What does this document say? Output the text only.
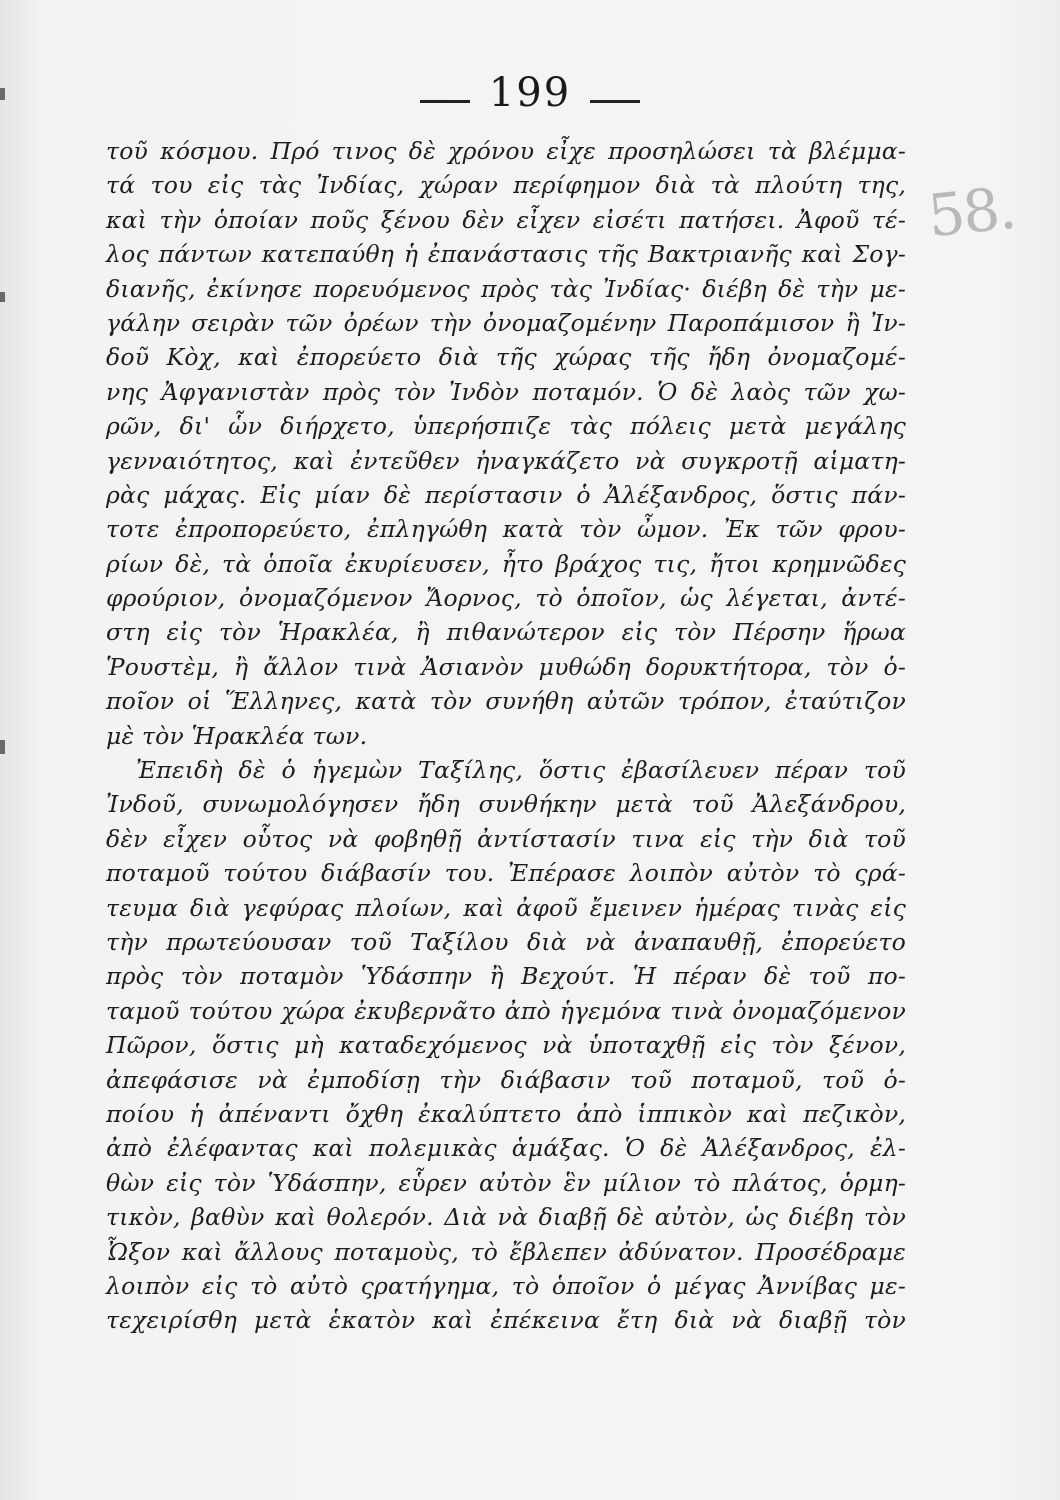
199
58.
τοῦ κόσμου. Πρό τινος δὲ χρόνου εἶχε προσηλώσει τὰ βλέμμα-
τά του εἰς τὰς Ἰνδίας, χώραν περίφημον διὰ τὰ πλούτη της,
καὶ τὴν ὁποίαν ποῦς ξένου δὲν εἶχεν εἰσέτι πατήσει. Ἀφοῦ τέ-
λος πάντων κατεπαύθη ἡ ἐπανάστασις τῆς Βακτριανῆς καὶ Σογ-
διανῆς, ἐκίνησε πορευόμενος πρὸς τὰς Ἰνδίας· διέβη δὲ τὴν με-
γάλην σειρὰν τῶν ὀρέων τὴν ὀνομαζομένην Παροπάμισον ἢ Ἰν-
δοῦ Κὸχ, καὶ ἐπορεύετο διὰ τῆς χώρας τῆς ἤδη ὀνομαζομέ-
νης Ἀφγανιστὰν πρὸς τὸν Ἰνδὸν ποταμόν. Ὁ δὲ λαὸς τῶν χω-
ρῶν, δι' ὧν διήρχετο, ὑπερήσπιζε τὰς πόλεις μετὰ μεγάλης
γενναιότητος, καὶ ἐντεῦθεν ἠναγκάζετο νὰ συγκροτῇ αἱματη-
ρὰς μάχας. Εἰς μίαν δὲ περίστασιν ὁ Ἀλέξανδρος, ὅστις πάν-
τοτε ἐπροπορεύετο, ἐπληγώθη κατὰ τὸν ὦμον. Ἐκ τῶν φρου-
ρίων δὲ, τὰ ὁποῖα ἐκυρίευσεν, ἦτο βράχος τις, ἤτοι κρημνῶδες
φρούριον, ὀνομαζόμενον Ἄορνος, τὸ ὁποῖον, ὡς λέγεται, ἀντέ-
στη εἰς τὸν Ἡρακλέα, ἢ πιθανώτερον εἰς τὸν Πέρσην ἥρωα
Ῥουστὲμ, ἢ ἄλλον τινὰ Ἀσιανὸν μυθώδη δορυκτήτορα, τὸν ὁ-
ποῖον οἱ Ἕλληνες, κατὰ τὸν συνήθη αὐτῶν τρόπον, ἐταύτιζον
μὲ τὸν Ἡρακλέα των.
Ἐπειδὴ δὲ ὁ ἡγεμὼν Ταξίλης, ὅστις ἐβασίλευεν πέραν τοῦ
Ἰνδοῦ, συνωμολόγησεν ἤδη συνθήκην μετὰ τοῦ Ἀλεξάνδρου,
δὲν εἶχεν οὗτος νὰ φοβηθῇ ἀντίστασίν τινα εἰς τὴν διὰ τοῦ
ποταμοῦ τούτου διάβασίν του. Ἐπέρασε λοιπὸν αὐτὸν τὸ ςρά-
τευμα διὰ γεφύρας πλοίων, καὶ ἀφοῦ ἔμεινεν ἡμέρας τινὰς εἰς
τὴν πρωτεύουσαν τοῦ Ταξίλου διὰ νὰ ἀναπαυθῇ, ἐπορεύετο
πρὸς τὸν ποταμὸν Ὑδάσπην ἢ Βεχούτ. Ἡ πέραν δὲ τοῦ πο-
ταμοῦ τούτου χώρα ἐκυβερνᾶτο ἀπὸ ἡγεμόνα τινὰ ὀνομαζόμενον
Πῶρον, ὅστις μὴ καταδεχόμενος νὰ ὑποταχθῇ εἰς τὸν ξένον,
ἀπεφάσισε νὰ ἐμποδίσῃ τὴν διάβασιν τοῦ ποταμοῦ, τοῦ ὁ-
ποίου ἡ ἀπέναντι ὄχθη ἐκαλύπτετο ἀπὸ ἱππικὸν καὶ πεζικὸν,
ἀπὸ ἐλέφαντας καὶ πολεμικὰς ἁμάξας. Ὁ δὲ Ἀλέξανδρος, ἐλ-
θὼν εἰς τὸν Ὑδάσπην, εὗρεν αὐτὸν ἓν μίλιον τὸ πλάτος, ὁρμη-
τικὸν, βαθὺν καὶ θολερόν. Διὰ νὰ διαβῇ δὲ αὐτὸν, ὡς διέβη τὸν
Ὦξον καὶ ἄλλους ποταμοὺς, τὸ ἔβλεπεν ἀδύνατον. Προσέδραμε
λοιπὸν εἰς τὸ αὐτὸ ςρατήγημα, τὸ ὁποῖον ὁ μέγας Ἀννίβας με-
τεχειρίσθη μετὰ ἑκατὸν καὶ ἐπέκεινα ἔτη διὰ νὰ διαβῇ τὸν
